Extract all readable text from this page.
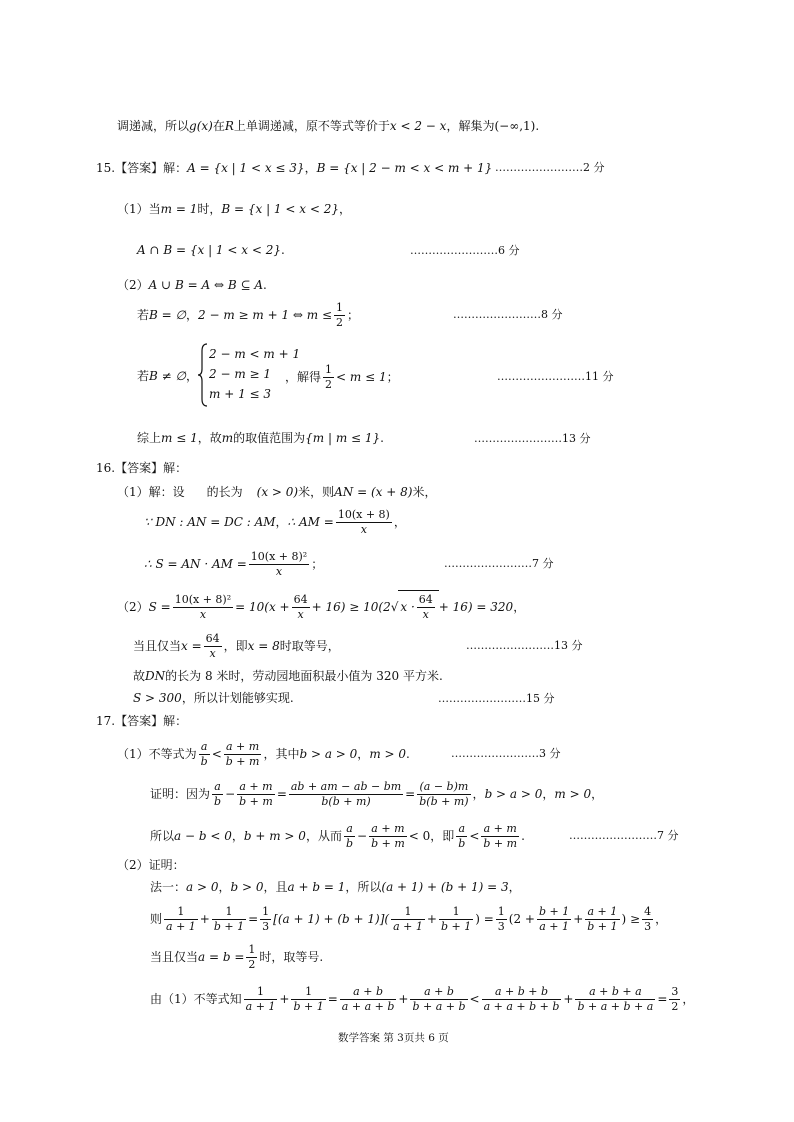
调递减，所以g(x)在R上单调递减，原不等式等价于x < 2 − x，解集为(−∞,1).
15.【答案】解：A = {x | 1 < x ≤ 3}，B = {x | 2 − m < x < m + 1} ……………………2 分
（1）当m = 1时，B = {x | 1 < x < 2}，
A ∩ B = {x | 1 < x < 2}.	……………………6 分
（2）A ∪ B = A ⇔ B ⊆ A.
若B = ∅，2 − m ≥ m + 1 ⇔ $m \le \frac{1}{2}$ ；	……………………8 分
若B ≠ ∅，
2 − m < m + 1
2 − m ≥ 1
m + 1 ≤ 3
，解得 $\frac{1}{2} < m \le 1$；	……………………11 分
综上m ≤ 1，故m的取值范围为{m | m ≤ 1}.	……………………13 分
16.【答案】解：
（1）解：设 的长为 (x > 0)米，则AN = (x + 8)米，
∵ DN : AN = DC : AM，∴ AM = $\frac{10(x + 8)}{x}$ ，
∴ S = AN · AM = $\frac{\text{10(x + 8)²}}{x}$ ；	……………………7 分
$(2)S = \frac{\text{10(x + 8)²}}{x} = 10(x + \frac{64}{x} + 16) \ge 10(2√$ $x \cdot \frac{64}{x} + 16) = 320$，
当且仅当$x = \frac{64}{x}$ ，即x = 8时取等号，	……………………13 分
故DN的长为 8 米时，劳动园地面积最小值为 320 平方米.
S > 300，所以计划能够实现.	……………………15 分
17.【答案】解：
（1）不等式为 $\frac{a}{b} < \frac{a + m}{b + m}$ ，其中b > a > 0，m > 0.	……………………3 分
证明：因为 $\frac{a}{b} - \frac{a + m}{b + m} = \frac{ab + am - ab - bm}{b(b + m)} = \frac{(a - b)m}{b(b + m)}$ ，b > a > 0，m > 0，
所以a − b < 0，b + m > 0，从而 $\frac{a}{b} - \frac{a + m}{b + m} < 0$，即 $\frac{a}{b} < \frac{a + m}{b + m}$ .	……………………7 分
（2）证明：
法一：a > 0，b > 0，且a + b = 1，所以(a + 1) + (b + 1) = 3，
则 $\frac{1}{a + 1} + \frac{1}{b + 1} = \frac{1}{3} [(a + 1) + (b + 1)]( \frac{1}{a + 1} + \frac{1}{b + 1}$ ) = $\frac{1}{3} (2 + \frac{b + 1}{a + 1} + \frac{a + 1}{b + 1}$ ) ≥ $\frac{4}{3}$ ，
当且仅当$a = b = \frac{1}{2}$ 时，取等号.
由（1）不等式知 $\frac{1}{a + 1} + \frac{1}{b + 1} = \frac{a + b}{a + a + b} + \frac{a + b}{b + a + b} < \frac{a + b + b}{a + a + b + b} + \frac{a + b + a}{b + a + b + a} = \frac{3}{2}$ ，
数学答案 第 3页共 6 页
